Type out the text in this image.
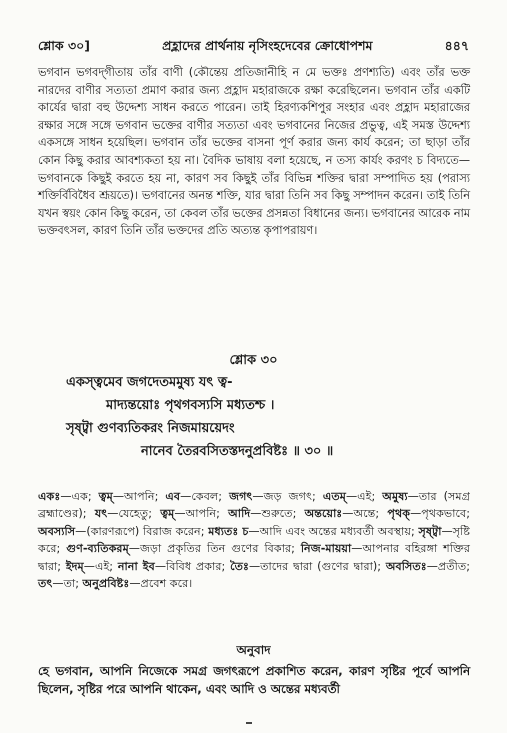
শ্লোক ৩০]	প্রহ্লাদের প্রার্থনায় নৃসিংহদেবের ক্রোধোপশম	৪৪৭
ভগবান ভগবদ্‌গীতায় তাঁর বাণী (কৌন্তেয় প্রতিজানীহি ন মে ভক্তঃ প্রণশ্যতি) এবং তাঁর ভক্ত নারদের বাণীর সত্যতা প্রমাণ করার জন্য প্রহ্লাদ মহারাজকে রক্ষা করেছিলেন। ভগবান তাঁর একটি কার্যের দ্বারা বহু উদ্দেশ্য সাধন করতে পারেন। তাই হিরণ্যকশিপুর সংহার এবং প্রহ্লাদ মহারাজের রক্ষার সঙ্গে সঙ্গে ভগবান ভক্তের বাণীর সত্যতা এবং ভগবানের নিজের প্রভুত্ব, এই সমস্ত উদ্দেশ্য একসঙ্গে সাধন হয়েছিল। ভগবান তাঁর ভক্তের বাসনা পূর্ণ করার জন্য কার্য করেন; তা ছাড়া তাঁর কোন কিছু করার আবশ্যকতা হয় না। বৈদিক ভাষায় বলা হয়েছে, ন তস্য কার্যং করণং চ বিদ্যতে—ভগবানকে কিছুই করতে হয় না, কারণ সব কিছুই তাঁর বিভিন্ন শক্তির দ্বারা সম্পাদিত হয় (পরাস্য শক্তির্বিবিধৈব শ্রূয়তে)। ভগবানের অনন্ত শক্তি, যার দ্বারা তিনি সব কিছু সম্পাদন করেন। তাই তিনি যখন স্বয়ং কোন কিছু করেন, তা কেবল তাঁর ভক্তের প্রসন্নতা বিধানের জন্য। ভগবানের আরেক নাম ভক্তবৎসল, কারণ তিনি তাঁর ভক্তদের প্রতি অত্যন্ত কৃপাপরায়ণ।
শ্লোক ৩০
একস্ত্বমেব জগদেতমমুষ্য যৎ ত্ব-
মাদ্যন্তয়োঃ পৃথগবস্যসি মধ্যতশ্চ ।
সৃষ্ট্বা গুণব্যতিকরং নিজমায়য়েদং
নানেব তৈরবসিতস্তদনুপ্রবিষ্টঃ ॥ ৩০ ॥
একঃ—এক; ত্বম্—আপনি; এব—কেবল; জগৎ—জড় জগৎ; এতম্—এই; অমুষ্য—তার (সমগ্র ব্রহ্মাণ্ডের); যৎ—যেহেতু; ত্বম্—আপনি; আদি—শুরুতে; অন্তয়োঃ—অন্তে; পৃথক্—পৃথকভাবে; অবস্যসি—(কারণরূপে) বিরাজ করেন; মধ্যতঃ চ—আদি এবং অন্তের মধ্যবর্তী অবস্থায়; সৃষ্ট্বা—সৃষ্টি করে; গুণ-ব্যতিকরম্—জড়া প্রকৃতির তিন গুণের বিকার; নিজ-মায়য়া—আপনার বহিরঙ্গা শক্তির দ্বারা; ইদম্—এই; নানা ইব—বিবিধ প্রকার; তৈঃ—তাদের দ্বারা (গুণের দ্বারা); অবসিতঃ—প্রতীত; তৎ—তা; অনুপ্রবিষ্টঃ—প্রবেশ করে।
অনুবাদ
হে ভগবান, আপনি নিজেকে সমগ্র জগৎরূপে প্রকাশিত করেন, কারণ সৃষ্টির পূর্বে আপনি ছিলেন, সৃষ্টির পরে আপনি থাকেন, এবং আদি ও অন্তের মধ্যবর্তী
